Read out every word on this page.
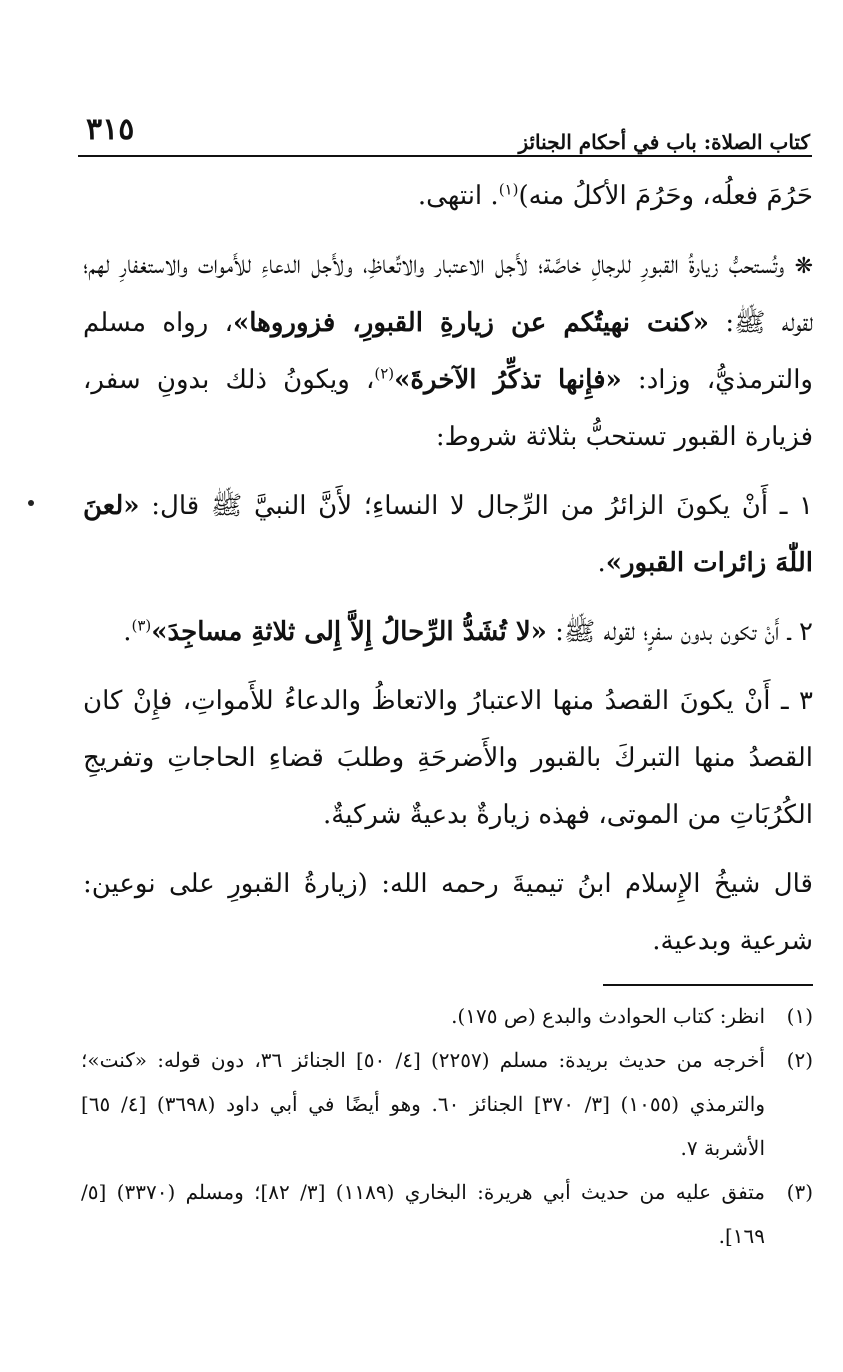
٣١٥	كتاب الصلاة: باب في أحكام الجنائز

حَرُمَ فعلُه، وحَرُمَ الأكلُ منه)$^{(١)}$. انتهى.

❋ وتُستحبُّ زيارةُ القبورِ للرجالِ خاصَّة؛ لأَجل الاعتبار والاتِّعاظِ، ولأَجل الدعاءِ للأَموات والاستغفارِ لهم؛ لقوله ﷺ: «كنت نهيتُكم عن زيارةِ القبورِ، فزوروها»، رواه مسلم والترمذيُّ، وزاد: «فإِنها تذكِّرُ الآخرةَ»$^{(٢)}$، ويكونُ ذلك بدونِ سفر، فزيارة القبور تستحبُّ بثلاثة شروط:

١ ـ أَنْ يكونَ الزائرُ من الرِّجال لا النساءِ؛ لأَنَّ النبيَّ ﷺ قال: «لعنَ اللّٰهَ زائرات القبور».

٢ ـ أَنْ تكون بدون سفرٍ؛ لقوله ﷺ: «لا تُشَدُّ الرِّحالُ إِلاَّ إِلى ثلاثةِ مساجِدَ»$^{(٣)}$.

٣ ـ أَنْ يكونَ القصدُ منها الاعتبارُ والاتعاظُ والدعاءُ للأَمواتِ، فإِنْ كان القصدُ منها التبركَ بالقبور والأَضرحَةِ وطلبَ قضاءِ الحاجاتِ وتفريجِ الكُرُبَاتِ من الموتى، فهذه زيارةٌ بدعيةٌ شركيةٌ.

قال شيخُ الإِسلام ابنُ تيميةَ رحمه الله: (زيارةُ القبورِ على نوعين: شرعية وبدعية.

(١)
انظر: كتاب الحوادث والبدع (ص ١٧٥).
(٢)
أخرجه من حديث بريدة: مسلم (٢٢٥٧) [٤/ ٥٠] الجنائز ٣٦، دون قوله: «كنت»؛ والترمذي (١٠٥٥) [٣/ ٣٧٠] الجنائز ٦٠. وهو أيضًا في أبي داود (٣٦٩٨) [٤/ ٦٥] الأشربة ٧.
(٣)
متفق عليه من حديث أبي هريرة: البخاري (١١٨٩) [٣/ ٨٢]؛ ومسلم (٣٣٧٠) [٥/ ١٦٩].
